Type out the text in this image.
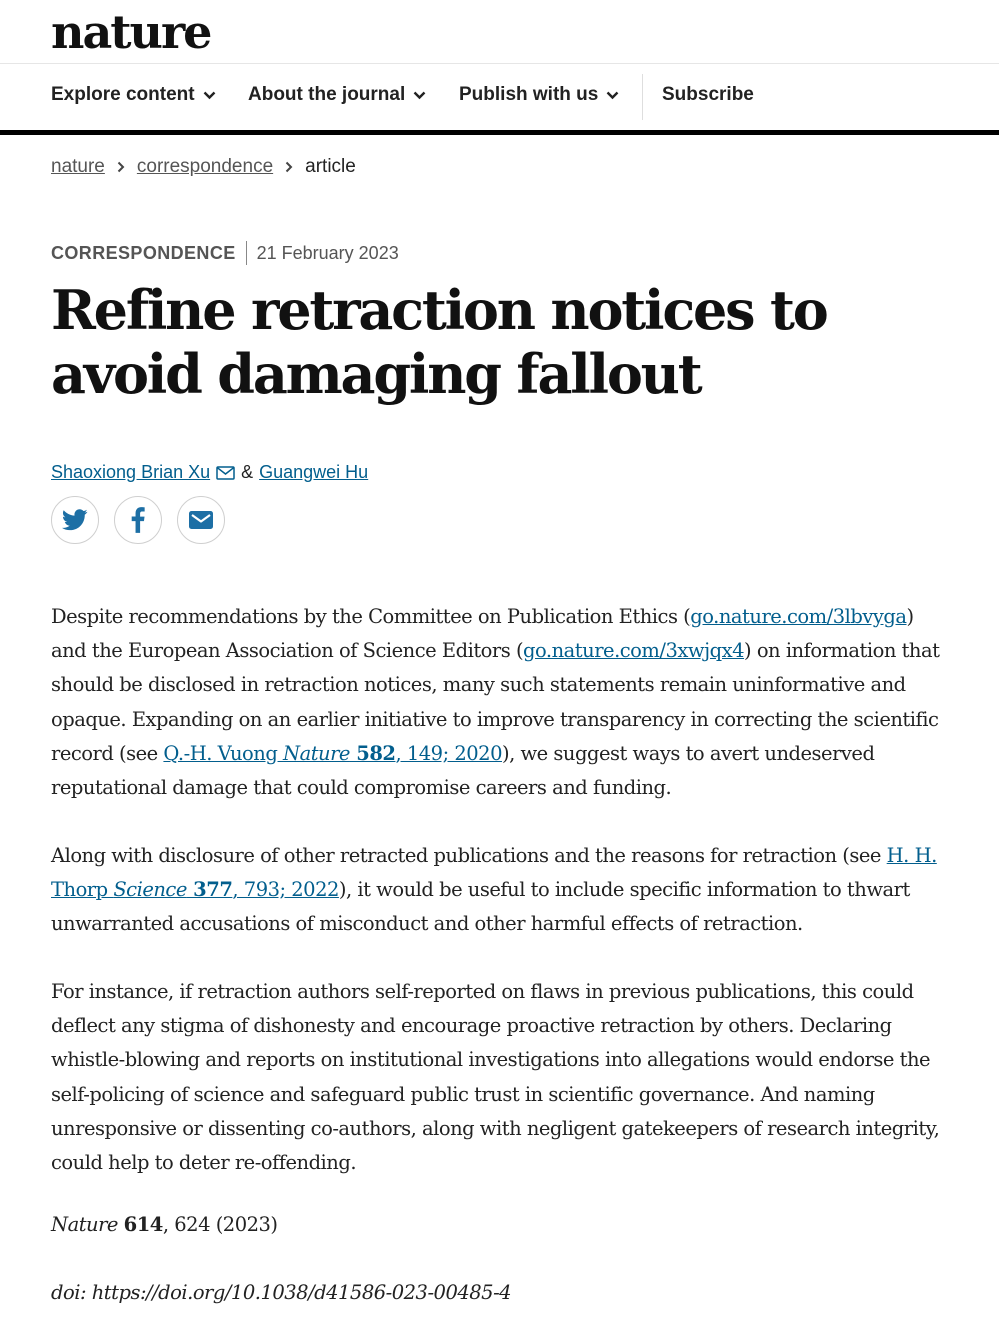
nature
Explore content	About the journal	Publish with us	Subscribe
nature correspondence article
CORRESPONDENCE 21 February 2023
Refine retraction notices to avoid damaging fallout
Shaoxiong Brian Xu & Guangwei Hu

Despite recommendations by the Committee on Publication Ethics (go.nature.com/3lbvyga) and the European Association of Science Editors (go.nature.com/3xwjqx4) on information that should be disclosed in retraction notices, many such statements remain uninformative and opaque. Expanding on an earlier initiative to improve transparency in correcting the scientific record (see Q.-H. Vuong Nature 582, 149; 2020), we suggest ways to avert undeserved reputational damage that could compromise careers and funding.

Along with disclosure of other retracted publications and the reasons for retraction (see H. H. Thorp Science 377, 793; 2022), it would be useful to include specific information to thwart unwarranted accusations of misconduct and other harmful effects of retraction.

For instance, if retraction authors self-reported on flaws in previous publications, this could deflect any stigma of dishonesty and encourage proactive retraction by others. Declaring whistle-blowing and reports on institutional investigations into allegations would endorse the self-policing of science and safeguard public trust in scientific governance. And naming unresponsive or dissenting co-authors, along with negligent gatekeepers of research integrity, could help to deter re-offending.

Nature 614, 624 (2023)

doi: https://doi.org/10.1038/d41586-023-00485-4
